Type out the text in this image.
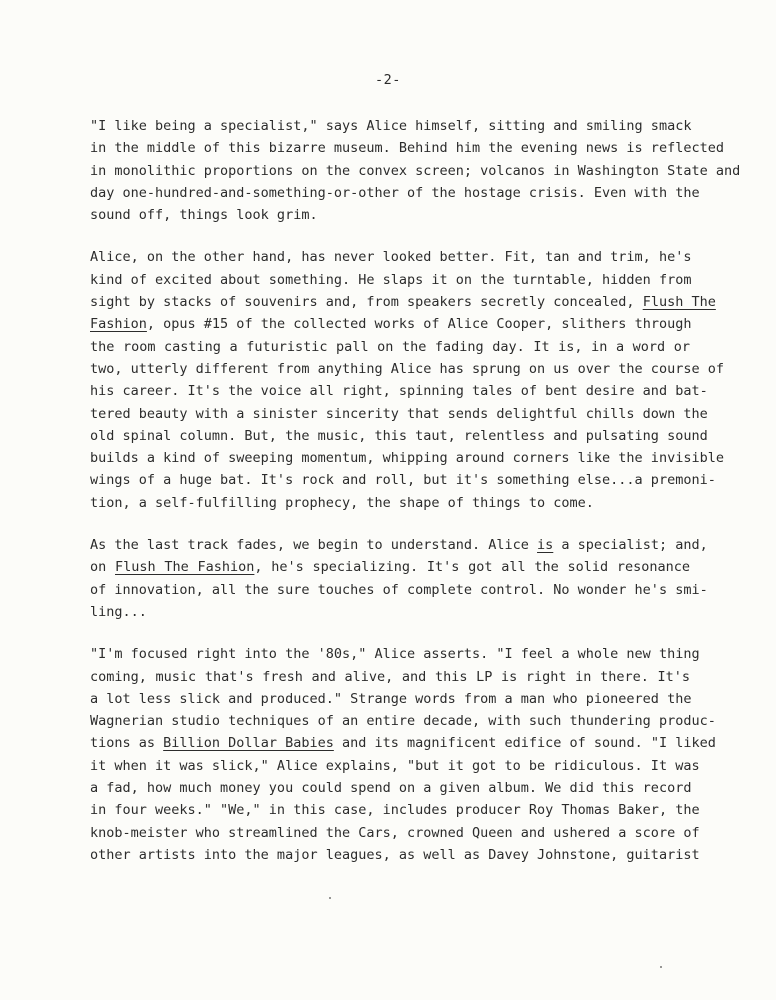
-2-
"I like being a specialist," says Alice himself, sitting and smiling smack
in the middle of this bizarre museum. Behind him the evening news is reflected
in monolithic proportions on the convex screen; volcanos in Washington State and
day one-hundred-and-something-or-other of the hostage crisis. Even with the
sound off, things look grim.
Alice, on the other hand, has never looked better. Fit, tan and trim, he's
kind of excited about something. He slaps it on the turntable, hidden from
sight by stacks of souvenirs and, from speakers secretly concealed, Flush The
Fashion, opus #15 of the collected works of Alice Cooper, slithers through
the room casting a futuristic pall on the fading day. It is, in a word or
two, utterly different from anything Alice has sprung on us over the course of
his career. It's the voice all right, spinning tales of bent desire and bat-
tered beauty with a sinister sincerity that sends delightful chills down the
old spinal column. But, the music, this taut, relentless and pulsating sound
builds a kind of sweeping momentum, whipping around corners like the invisible
wings of a huge bat. It's rock and roll, but it's something else...a premoni-
tion, a self-fulfilling prophecy, the shape of things to come.
As the last track fades, we begin to understand. Alice is a specialist; and,
on Flush The Fashion, he's specializing. It's got all the solid resonance
of innovation, all the sure touches of complete control. No wonder he's smi-
ling...
"I'm focused right into the '80s," Alice asserts. "I feel a whole new thing
coming, music that's fresh and alive, and this LP is right in there. It's
a lot less slick and produced." Strange words from a man who pioneered the
Wagnerian studio techniques of an entire decade, with such thundering produc-
tions as Billion Dollar Babies and its magnificent edifice of sound. "I liked
it when it was slick," Alice explains, "but it got to be ridiculous. It was
a fad, how much money you could spend on a given album. We did this record
in four weeks." "We," in this case, includes producer Roy Thomas Baker, the
knob-meister who streamlined the Cars, crowned Queen and ushered a score of
other artists into the major leagues, as well as Davey Johnstone, guitarist
